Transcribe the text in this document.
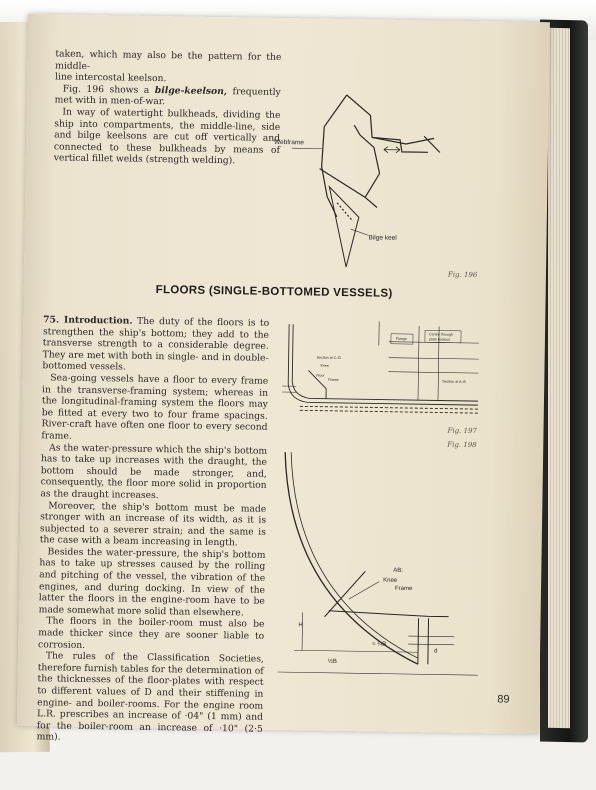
taken, which may also be the pattern for the middle-

line intercostal keelson.

Fig. 196 shows a bilge-keelson, frequently met with in men-of-war.

In way of watertight bulkheads, dividing the ship into compartments, the middle-line, side and bilge keelsons are cut off vertically and connected to these bulkheads by means of vertical fillet welds (strength welding).

Webframe
Bilge keel
Fig. 196
FLOORS (SINGLE-BOTTOMED VESSELS)

75. Introduction. The duty of the floors is to strengthen the ship's bottom; they add to the transverse strength to a considerable degree. They are met with both in single- and in double-bottomed vessels.

Sea-going vessels have a floor to every frame in the transverse-framing system; whereas in the longitudinal-framing system the floors may be fitted at every two to four frame spacings. River-craft have often one floor to every second frame.

As the water-pressure which the ship's bottom has to take up increases with the draught, the bottom should be made stronger, and, consequently, the floor more solid in proportion as the draught increases.

Moreover, the ship's bottom must be made stronger with an increase of its width, as it is subjected to a severer strain; and the same is the case with a beam increasing in length.

Besides the water-pressure, the ship's bottom has to take up stresses caused by the rolling and pitching of the vessel, the vibration of the engines, and during docking. In view of the latter the floors in the engine-room have to be made somewhat more solid than elsewhere.

The floors in the boiler-room must also be made thicker since they are sooner liable to corrosion.

The rules of the Classification Societies, therefore furnish tables for the determination of the thicknesses of the floor-plates with respect to different values of D and their stiffening in engine- and boiler-rooms. For the engine room L.R. prescribes an increase of ·04" (1 mm) and for the boiler-room an increase of ·10" (2·5 mm).

Section at C–D
Knee
Floor
Frame	Section at A–B
Flange
Centre through
plate keelson
Fig. 197
Fig. 198
AB:
Knee
Frame
H
½B
≈ ¼B
d
89
